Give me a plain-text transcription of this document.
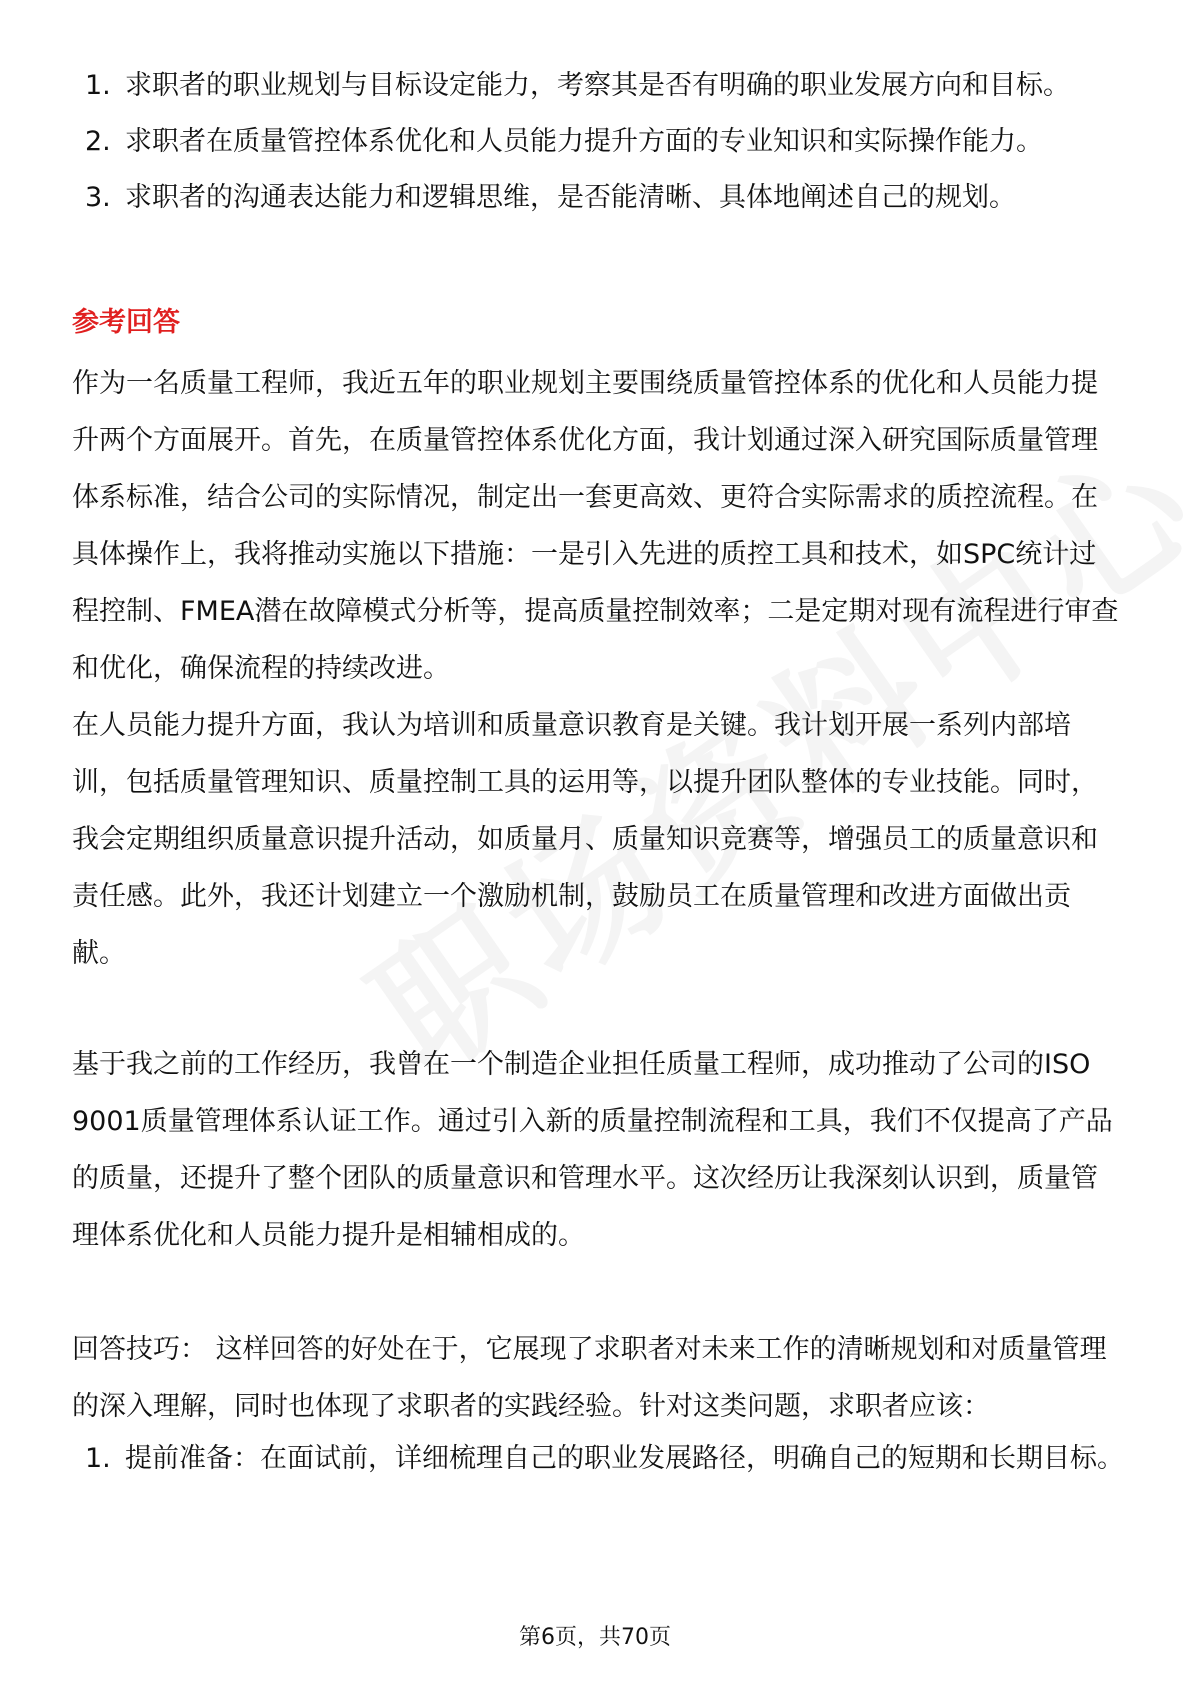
1. 求职者的职业规划与目标设定能力，考察其是否有明确的职业发展方向和目标。
2. 求职者在质量管控体系优化和人员能力提升方面的专业知识和实际操作能力。
3. 求职者的沟通表达能力和逻辑思维，是否能清晰、具体地阐述自己的规划。
参考回答

作为一名质量工程师，我近五年的职业规划主要围绕质量管控体系的优化和人员能力提升两个方面展开。首先，在质量管控体系优化方面，我计划通过深入研究国际质量管理体系标准，结合公司的实际情况，制定出一套更高效、更符合实际需求的质控流程。在具体操作上，我将推动实施以下措施：一是引入先进的质控工具和技术，如SPC统计过程控制、FMEA潜在故障模式分析等，提高质量控制效率；二是定期对现有流程进行审查和优化，确保流程的持续改进。

在人员能力提升方面，我认为培训和质量意识教育是关键。我计划开展一系列内部培训，包括质量管理知识、质量控制工具的运用等，以提升团队整体的专业技能。同时，我会定期组织质量意识提升活动，如质量月、质量知识竞赛等，增强员工的质量意识和责任感。此外，我还计划建立一个激励机制，鼓励员工在质量管理和改进方面做出贡献。

基于我之前的工作经历，我曾在一个制造企业担任质量工程师，成功推动了公司的ISO 9001质量管理体系认证工作。通过引入新的质量控制流程和工具，我们不仅提高了产品的质量，还提升了整个团队的质量意识和管理水平。这次经历让我深刻认识到，质量管理体系优化和人员能力提升是相辅相成的。

回答技巧： 这样回答的好处在于，它展现了求职者对未来工作的清晰规划和对质量管理的深入理解，同时也体现了求职者的实践经验。针对这类问题，求职者应该：

1. 提前准备：在面试前，详细梳理自己的职业发展路径，明确自己的短期和长期目标。
第6页，共70页
